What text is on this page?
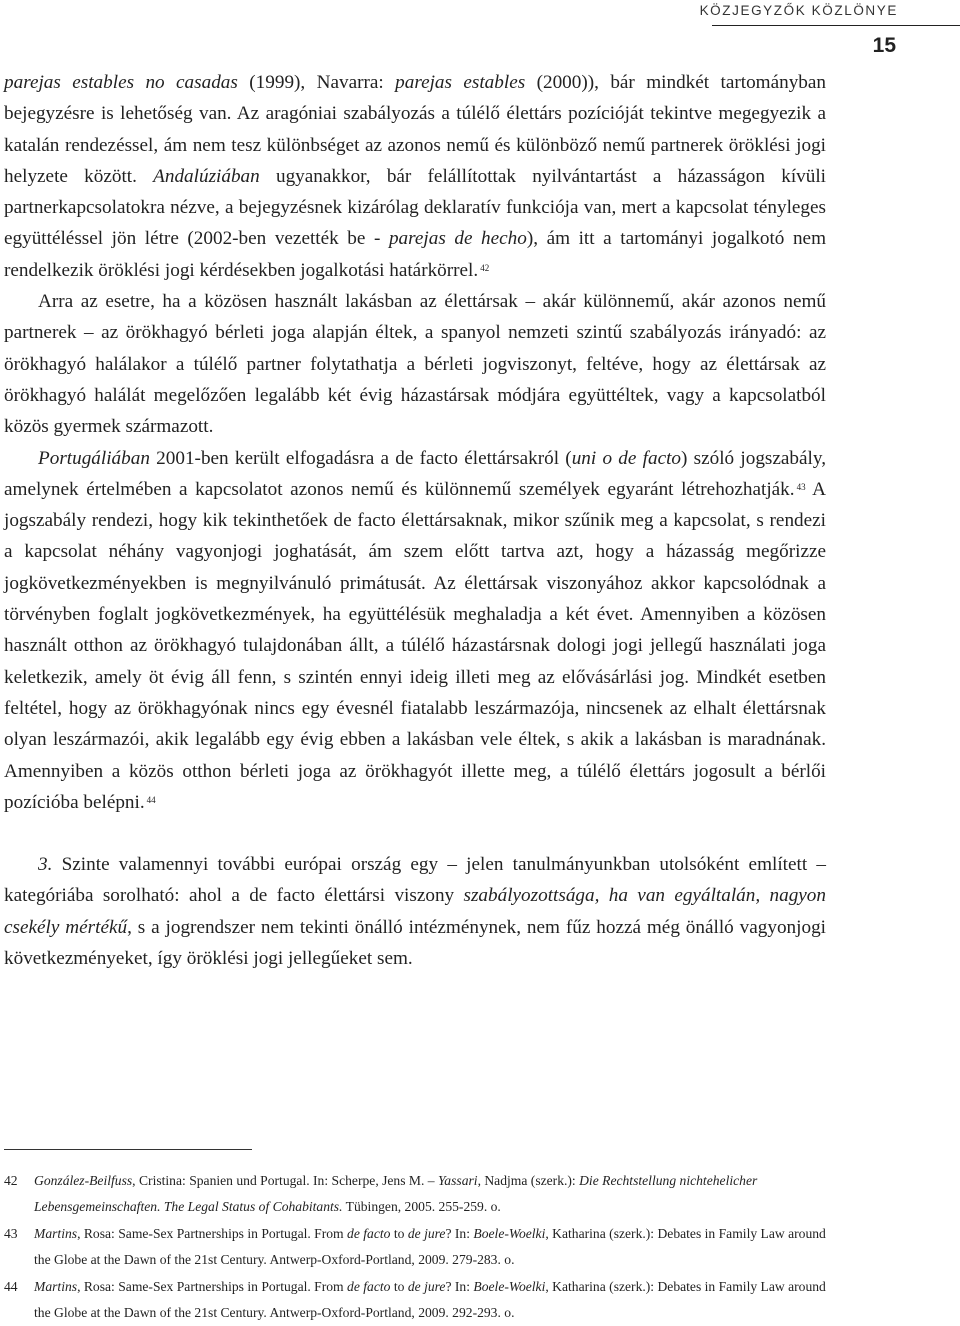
KÖZJEGYZŐK KÖZLÖNYE
15

parejas estables no casadas (1999), Navarra: parejas estables (2000)), bár mindkét tartományban bejegyzésre is lehetőség van. Az aragóniai szabályozás a túlélő élettárs pozícióját tekintve megegyezik a katalán rendezéssel, ám nem tesz különbséget az azonos nemű és különböző nemű partnerek öröklési jogi helyzete között. Andalúziában ugyanakkor, bár felállítottak nyilvántartást a házasságon kívüli partnerkapcsolatokra nézve, a bejegyzésnek kizárólag deklaratív funkciója van, mert a kapcsolat tényleges együttéléssel jön létre (2002-ben vezették be - parejas de hecho), ám itt a tartományi jogalkotó nem rendelkezik öröklési jogi kérdésekben jogalkotási határkörrel. $^{42}$

Arra az esetre, ha a közösen használt lakásban az élettársak – akár különnemű, akár azonos nemű partnerek – az örökhagyó bérleti joga alapján éltek, a spanyol nemzeti szintű szabályozás irányadó: az örökhagyó halálakor a túlélő partner folytathatja a bérleti jogviszonyt, feltéve, hogy az élettársak az örökhagyó halálát megelőzően legalább két évig házastársak módjára együttéltek, vagy a kapcsolatból közös gyermek származott.

Portugáliában 2001-ben került elfogadásra a de facto élettársakról (uni o de facto) szóló jogszabály, amelynek értelmében a kapcsolatot azonos nemű és különnemű személyek egyaránt létrehozhatják. $^{43}$ A jogszabály rendezi, hogy kik tekinthetőek de facto élettársaknak, mikor szűnik meg a kapcsolat, s rendezi a kapcsolat néhány vagyonjogi joghatását, ám szem előtt tartva azt, hogy a házasság megőrizze jogkövetkezményekben is megnyilvánuló primátusát. Az élettársak viszonyához akkor kapcsolódnak a törvényben foglalt jogkövetkezmények, ha együttélésük meghaladja a két évet. Amennyiben a közösen használt otthon az örökhagyó tulajdonában állt, a túlélő házastársnak dologi jogi jellegű használati joga keletkezik, amely öt évig áll fenn, s szintén ennyi ideig illeti meg az elővásárlási jog. Mindkét esetben feltétel, hogy az örökhagyónak nincs egy évesnél fiatalabb leszármazója, nincsenek az elhalt élettársnak olyan leszármazói, akik legalább egy évig ebben a lakásban vele éltek, s akik a lakásban is maradnának. Amennyiben a közös otthon bérleti joga az örökhagyót illette meg, a túlélő élettárs jogosult a bérlői pozícióba belépni. $^{44}$

3. Szinte valamennyi további európai ország egy – jelen tanulmányunkban utolsóként említett – kategóriába sorolható: ahol a de facto élettársi viszony szabályozottsága, ha van egyáltalán, nagyon csekély mértékű, s a jogrendszer nem tekinti önálló intézménynek, nem fűz hozzá még önálló vagyonjogi következményeket, így öröklési jogi jellegűeket sem.

42	González-Beilfuss, Cristina: Spanien und Portugal. In: Scherpe, Jens M. – Yassari, Nadjma (szerk.): Die Rechtstellung nichtehelicher Lebensgemeinschaften. The Legal Status of Cohabitants. Tübingen, 2005. 255-259. o.
43	Martins, Rosa: Same-Sex Partnerships in Portugal. From de facto to de jure? In: Boele-Woelki, Katharina (szerk.): Debates in Family Law around the Globe at the Dawn of the 21st Century. Antwerp-Oxford-Portland, 2009. 279-283. o.
44	Martins, Rosa: Same-Sex Partnerships in Portugal. From de facto to de jure? In: Boele-Woelki, Katharina (szerk.): Debates in Family Law around the Globe at the Dawn of the 21st Century. Antwerp-Oxford-Portland, 2009. 292-293. o.
